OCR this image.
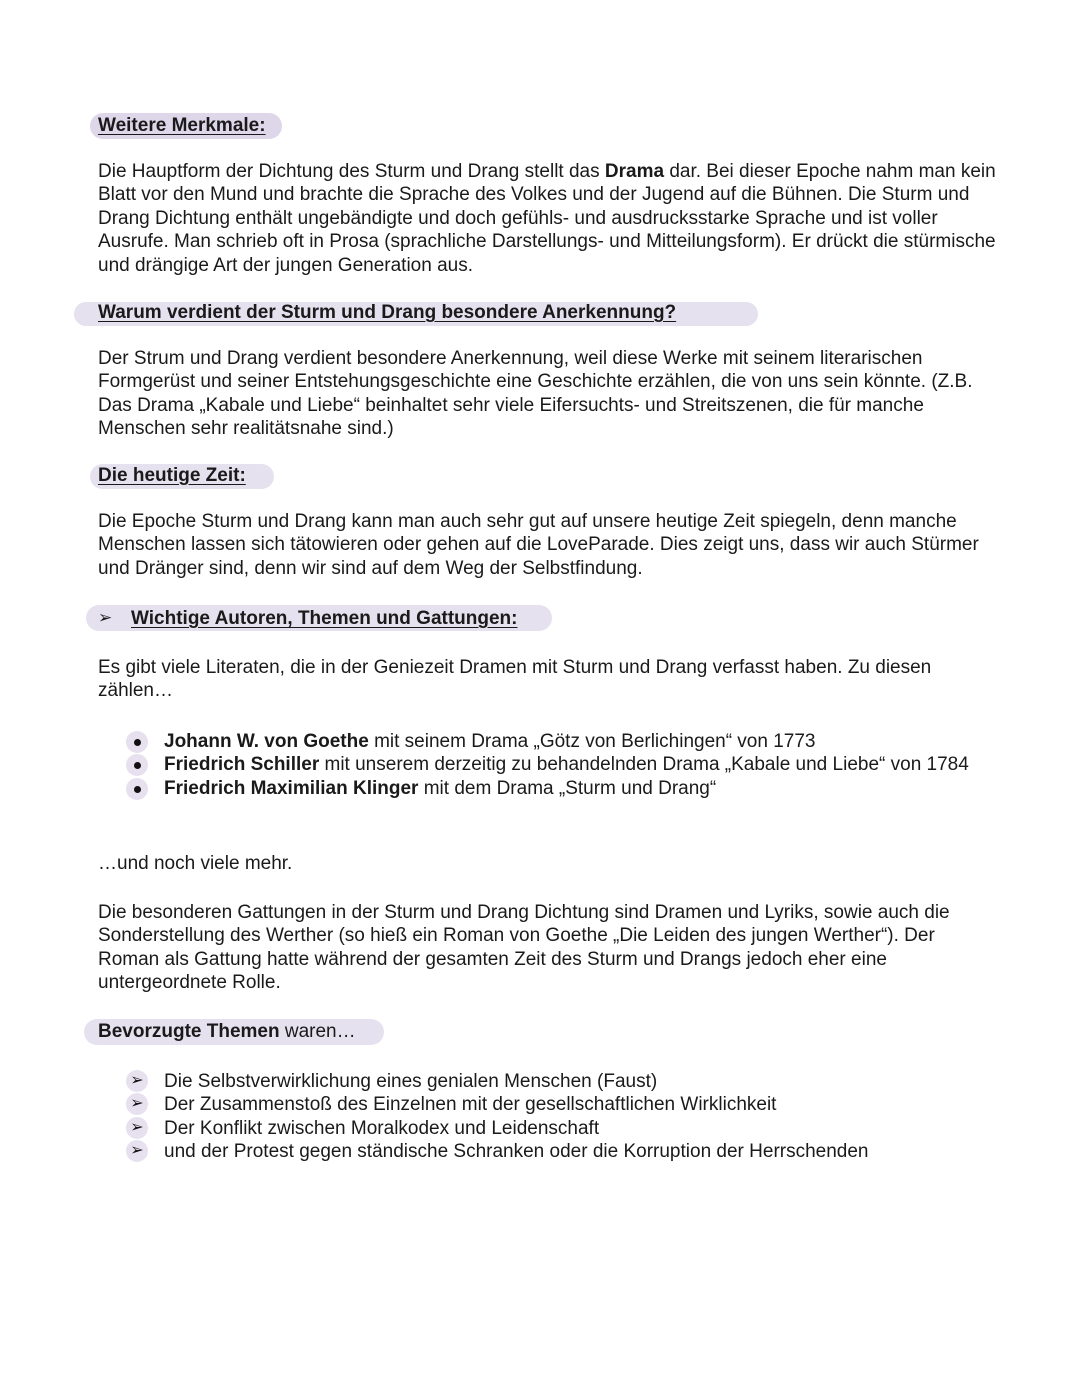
Weitere Merkmale:
Die Hauptform der Dichtung des Sturm und Drang stellt das Drama dar. Bei dieser Epoche nahm man kein Blatt vor den Mund und brachte die Sprache des Volkes und der Jugend auf die Bühnen. Die Sturm und Drang Dichtung enthält ungebändigte und doch gefühls- und ausdrucksstarke Sprache und ist voller Ausrufe. Man schrieb oft in Prosa (sprachliche Darstellungs- und Mitteilungsform). Er drückt die stürmische und drängige Art der jungen Generation aus.
Warum verdient der Sturm und Drang besondere Anerkennung?
Der Strum und Drang verdient besondere Anerkennung, weil diese Werke mit seinem literarischen Formgerüst und seiner Entstehungsgeschichte eine Geschichte erzählen, die von uns sein könnte. (Z.B. Das Drama „Kabale und Liebe“ beinhaltet sehr viele Eifersuchts- und Streitszenen, die für manche Menschen sehr realitätsnahe sind.)
Die heutige Zeit:
Die Epoche Sturm und Drang kann man auch sehr gut auf unsere heutige Zeit spiegeln, denn manche Menschen lassen sich tätowieren oder gehen auf die LoveParade. Dies zeigt uns, dass wir auch Stürmer und Dränger sind, denn wir sind auf dem Weg der Selbstfindung.
➢ Wichtige Autoren, Themen und Gattungen:
Es gibt viele Literaten, die in der Geniezeit Dramen mit Sturm und Drang verfasst haben. Zu diesen zählen…
Johann W. von Goethe mit seinem Drama „Götz von Berlichingen“ von 1773
Friedrich Schiller mit unserem derzeitig zu behandelnden Drama „Kabale und Liebe“ von 1784
Friedrich Maximilian Klinger mit dem Drama „Sturm und Drang“
…und noch viele mehr.
Die besonderen Gattungen in der Sturm und Drang Dichtung sind Dramen und Lyriks, sowie auch die Sonderstellung des Werther (so hieß ein Roman von Goethe „Die Leiden des jungen Werther“). Der Roman als Gattung hatte während der gesamten Zeit des Sturm und Drangs jedoch eher eine untergeordnete Rolle.
Bevorzugte Themen waren…
➢ Die Selbstverwirklichung eines genialen Menschen (Faust)
➢ Der Zusammenstoß des Einzelnen mit der gesellschaftlichen Wirklichkeit
➢ Der Konflikt zwischen Moralkodex und Leidenschaft
➢ und der Protest gegen ständische Schranken oder die Korruption der Herrschenden
